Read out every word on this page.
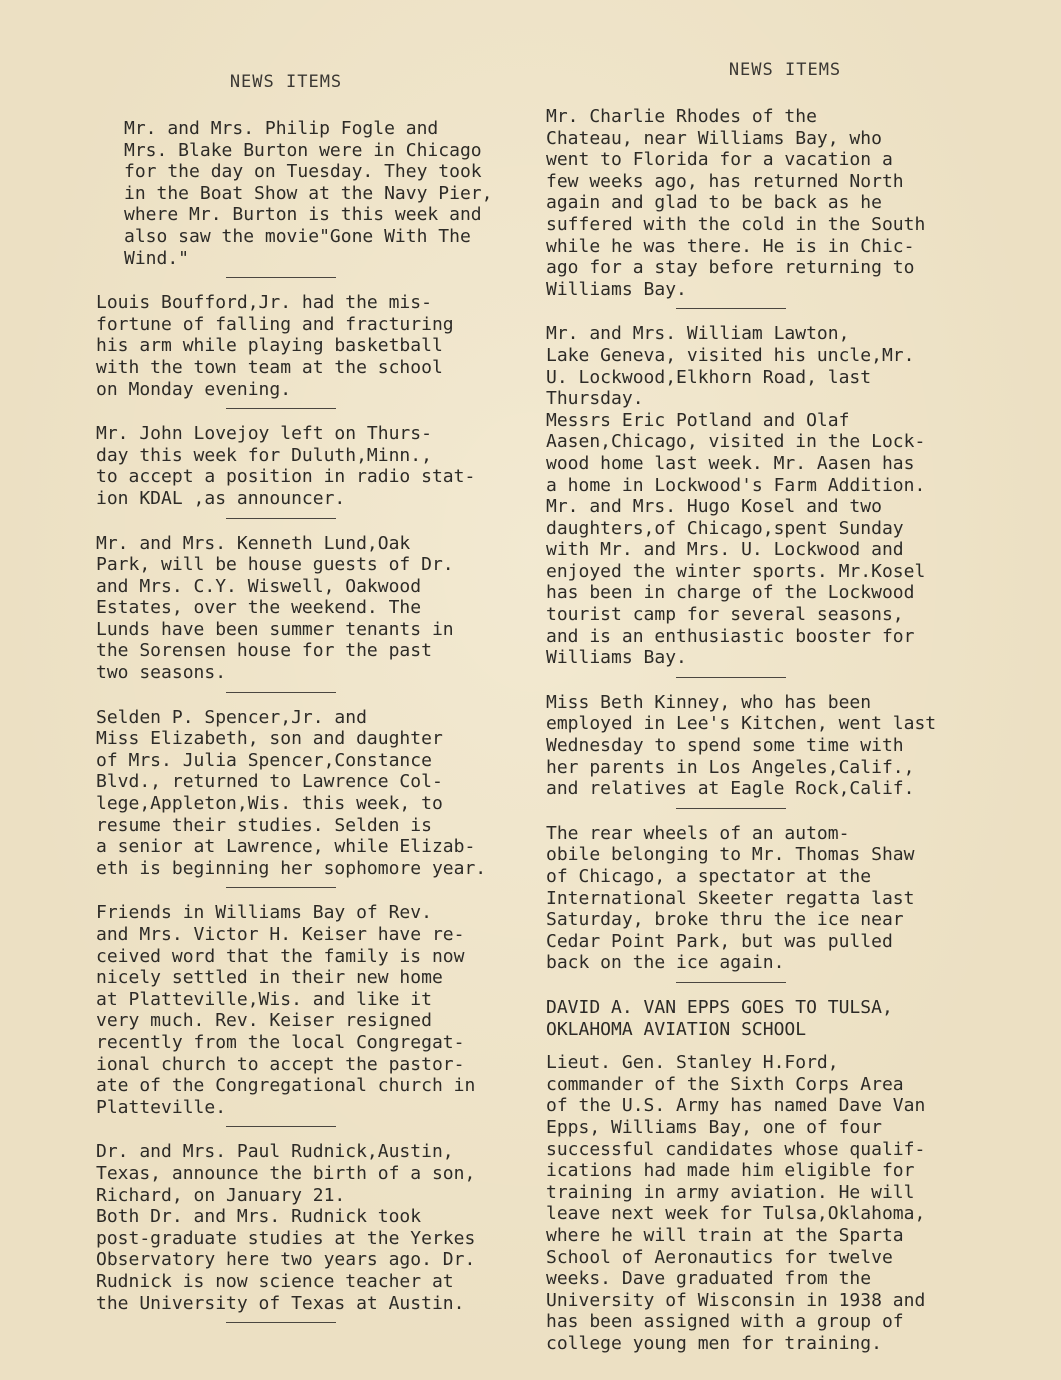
NEWS ITEMS

Mr. and Mrs. Philip Fogle and
Mrs. Blake Burton were in Chicago
for the day on Tuesday. They took
in the Boat Show at the Navy Pier,
where Mr. Burton is this week and
also saw the movie"Gone With The
Wind."

Louis Boufford,Jr. had the mis-
fortune of falling and fracturing
his arm while playing basketball
with the town team at the school
on Monday evening.

Mr. John Lovejoy left on Thurs-
day this week for Duluth,Minn.,
to accept a position in radio stat-
ion KDAL ,as announcer.

Mr. and Mrs. Kenneth Lund,Oak
Park, will be house guests of Dr.
and Mrs. C.Y. Wiswell, Oakwood
Estates, over the weekend. The
Lunds have been summer tenants in
the Sorensen house for the past
two seasons.

Selden P. Spencer,Jr. and
Miss Elizabeth, son and daughter
of Mrs. Julia Spencer,Constance
Blvd., returned to Lawrence Col-
lege,Appleton,Wis. this week, to
resume their studies. Selden is
a senior at Lawrence, while Elizab-
eth is beginning her sophomore year.

Friends in Williams Bay of Rev.
and Mrs. Victor H. Keiser have re-
ceived word that the family is now
nicely settled in their new home
at Platteville,Wis. and like it
very much. Rev. Keiser resigned
recently from the local Congregat-
ional church to accept the pastor-
ate of the Congregational church in
Platteville.

Dr. and Mrs. Paul Rudnick,Austin,
Texas, announce the birth of a son,
Richard, on January 21.
Both Dr. and Mrs. Rudnick took
post-graduate studies at the Yerkes
Observatory here two years ago. Dr.
Rudnick is now science teacher at
the University of Texas at Austin.

NEWS ITEMS

Mr. Charlie Rhodes of the
Chateau, near Williams Bay, who
went to Florida for a vacation a
few weeks ago, has returned North
again and glad to be back as he
suffered with the cold in the South
while he was there. He is in Chic-
ago for a stay before returning to
Williams Bay.

Mr. and Mrs. William Lawton,
Lake Geneva, visited his uncle,Mr.
U. Lockwood,Elkhorn Road, last
Thursday.
Messrs Eric Potland and Olaf
Aasen,Chicago, visited in the Lock-
wood home last week. Mr. Aasen has
a home in Lockwood's Farm Addition.
Mr. and Mrs. Hugo Kosel and two
daughters,of Chicago,spent Sunday
with Mr. and Mrs. U. Lockwood and
enjoyed the winter sports. Mr.Kosel
has been in charge of the Lockwood
tourist camp for several seasons,
and is an enthusiastic booster for
Williams Bay.

Miss Beth Kinney, who has been
employed in Lee's Kitchen, went last
Wednesday to spend some time with
her parents in Los Angeles,Calif.,
and relatives at Eagle Rock,Calif.

The rear wheels of an autom-
obile belonging to Mr. Thomas Shaw
of Chicago, a spectator at the
International Skeeter regatta last
Saturday, broke thru the ice near
Cedar Point Park, but was pulled
back on the ice again.

DAVID A. VAN EPPS GOES TO TULSA,
OKLAHOMA AVIATION SCHOOL

Lieut. Gen. Stanley H.Ford,
commander of the Sixth Corps Area
of the U.S. Army has named Dave Van
Epps, Williams Bay, one of four
successful candidates whose qualif-
ications had made him eligible for
training in army aviation. He will
leave next week for Tulsa,Oklahoma,
where he will train at the Sparta
School of Aeronautics for twelve
weeks. Dave graduated from the
University of Wisconsin in 1938 and
has been assigned with a group of
college young men for training.
